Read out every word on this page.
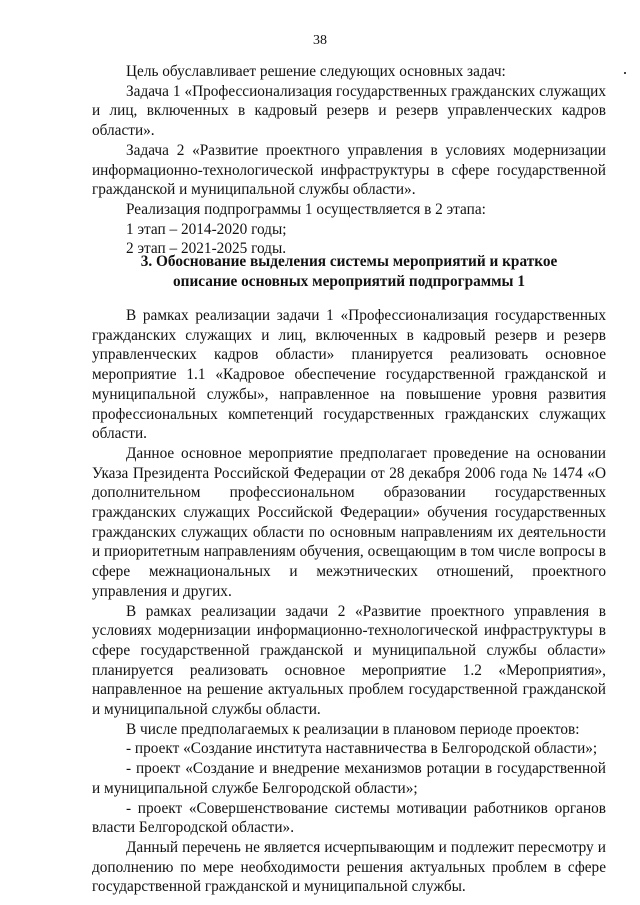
38

Цель обуславливает решение следующих основных задач:

Задача 1 «Профессионализация государственных гражданских служащих и лиц, включенных в кадровый резерв и резерв управленческих кадров области».

Задача 2 «Развитие проектного управления в условиях модернизации информационно-технологической инфраструктуры в сфере государственной гражданской и муниципальной службы области».

Реализация подпрограммы 1 осуществляется в 2 этапа:

1 этап – 2014-2020 годы;

2 этап – 2021-2025 годы.

3. Обоснование выделения системы мероприятий и краткое
описание основных мероприятий подпрограммы 1

В рамках реализации задачи 1 «Профессионализация государственных гражданских служащих и лиц, включенных в кадровый резерв и резерв управленческих кадров области» планируется реализовать основное мероприятие 1.1 «Кадровое обеспечение государственной гражданской и муниципальной службы», направленное на повышение уровня развития профессиональных компетенций государственных гражданских служащих области.

Данное основное мероприятие предполагает проведение на основании Указа Президента Российской Федерации от 28 декабря 2006 года № 1474 «О дополнительном профессиональном образовании государственных гражданских служащих Российской Федерации» обучения государственных гражданских служащих области по основным направлениям их деятельности и приоритетным направлениям обучения, освещающим в том числе вопросы в сфере межнациональных и межэтнических отношений, проектного управления и других.

В рамках реализации задачи 2 «Развитие проектного управления в условиях модернизации информационно-технологической инфраструктуры в сфере государственной гражданской и муниципальной службы области» планируется реализовать основное мероприятие 1.2 «Мероприятия», направленное на решение актуальных проблем государственной гражданской и муниципальной службы области.

В числе предполагаемых к реализации в плановом периоде проектов:

- проект «Создание института наставничества в Белгородской области»;

- проект «Создание и внедрение механизмов ротации в государственной и муниципальной службе Белгородской области»;

- проект «Совершенствование системы мотивации работников органов власти Белгородской области».

Данный перечень не является исчерпывающим и подлежит пересмотру и дополнению по мере необходимости решения актуальных проблем в сфере государственной гражданской и муниципальной службы.
